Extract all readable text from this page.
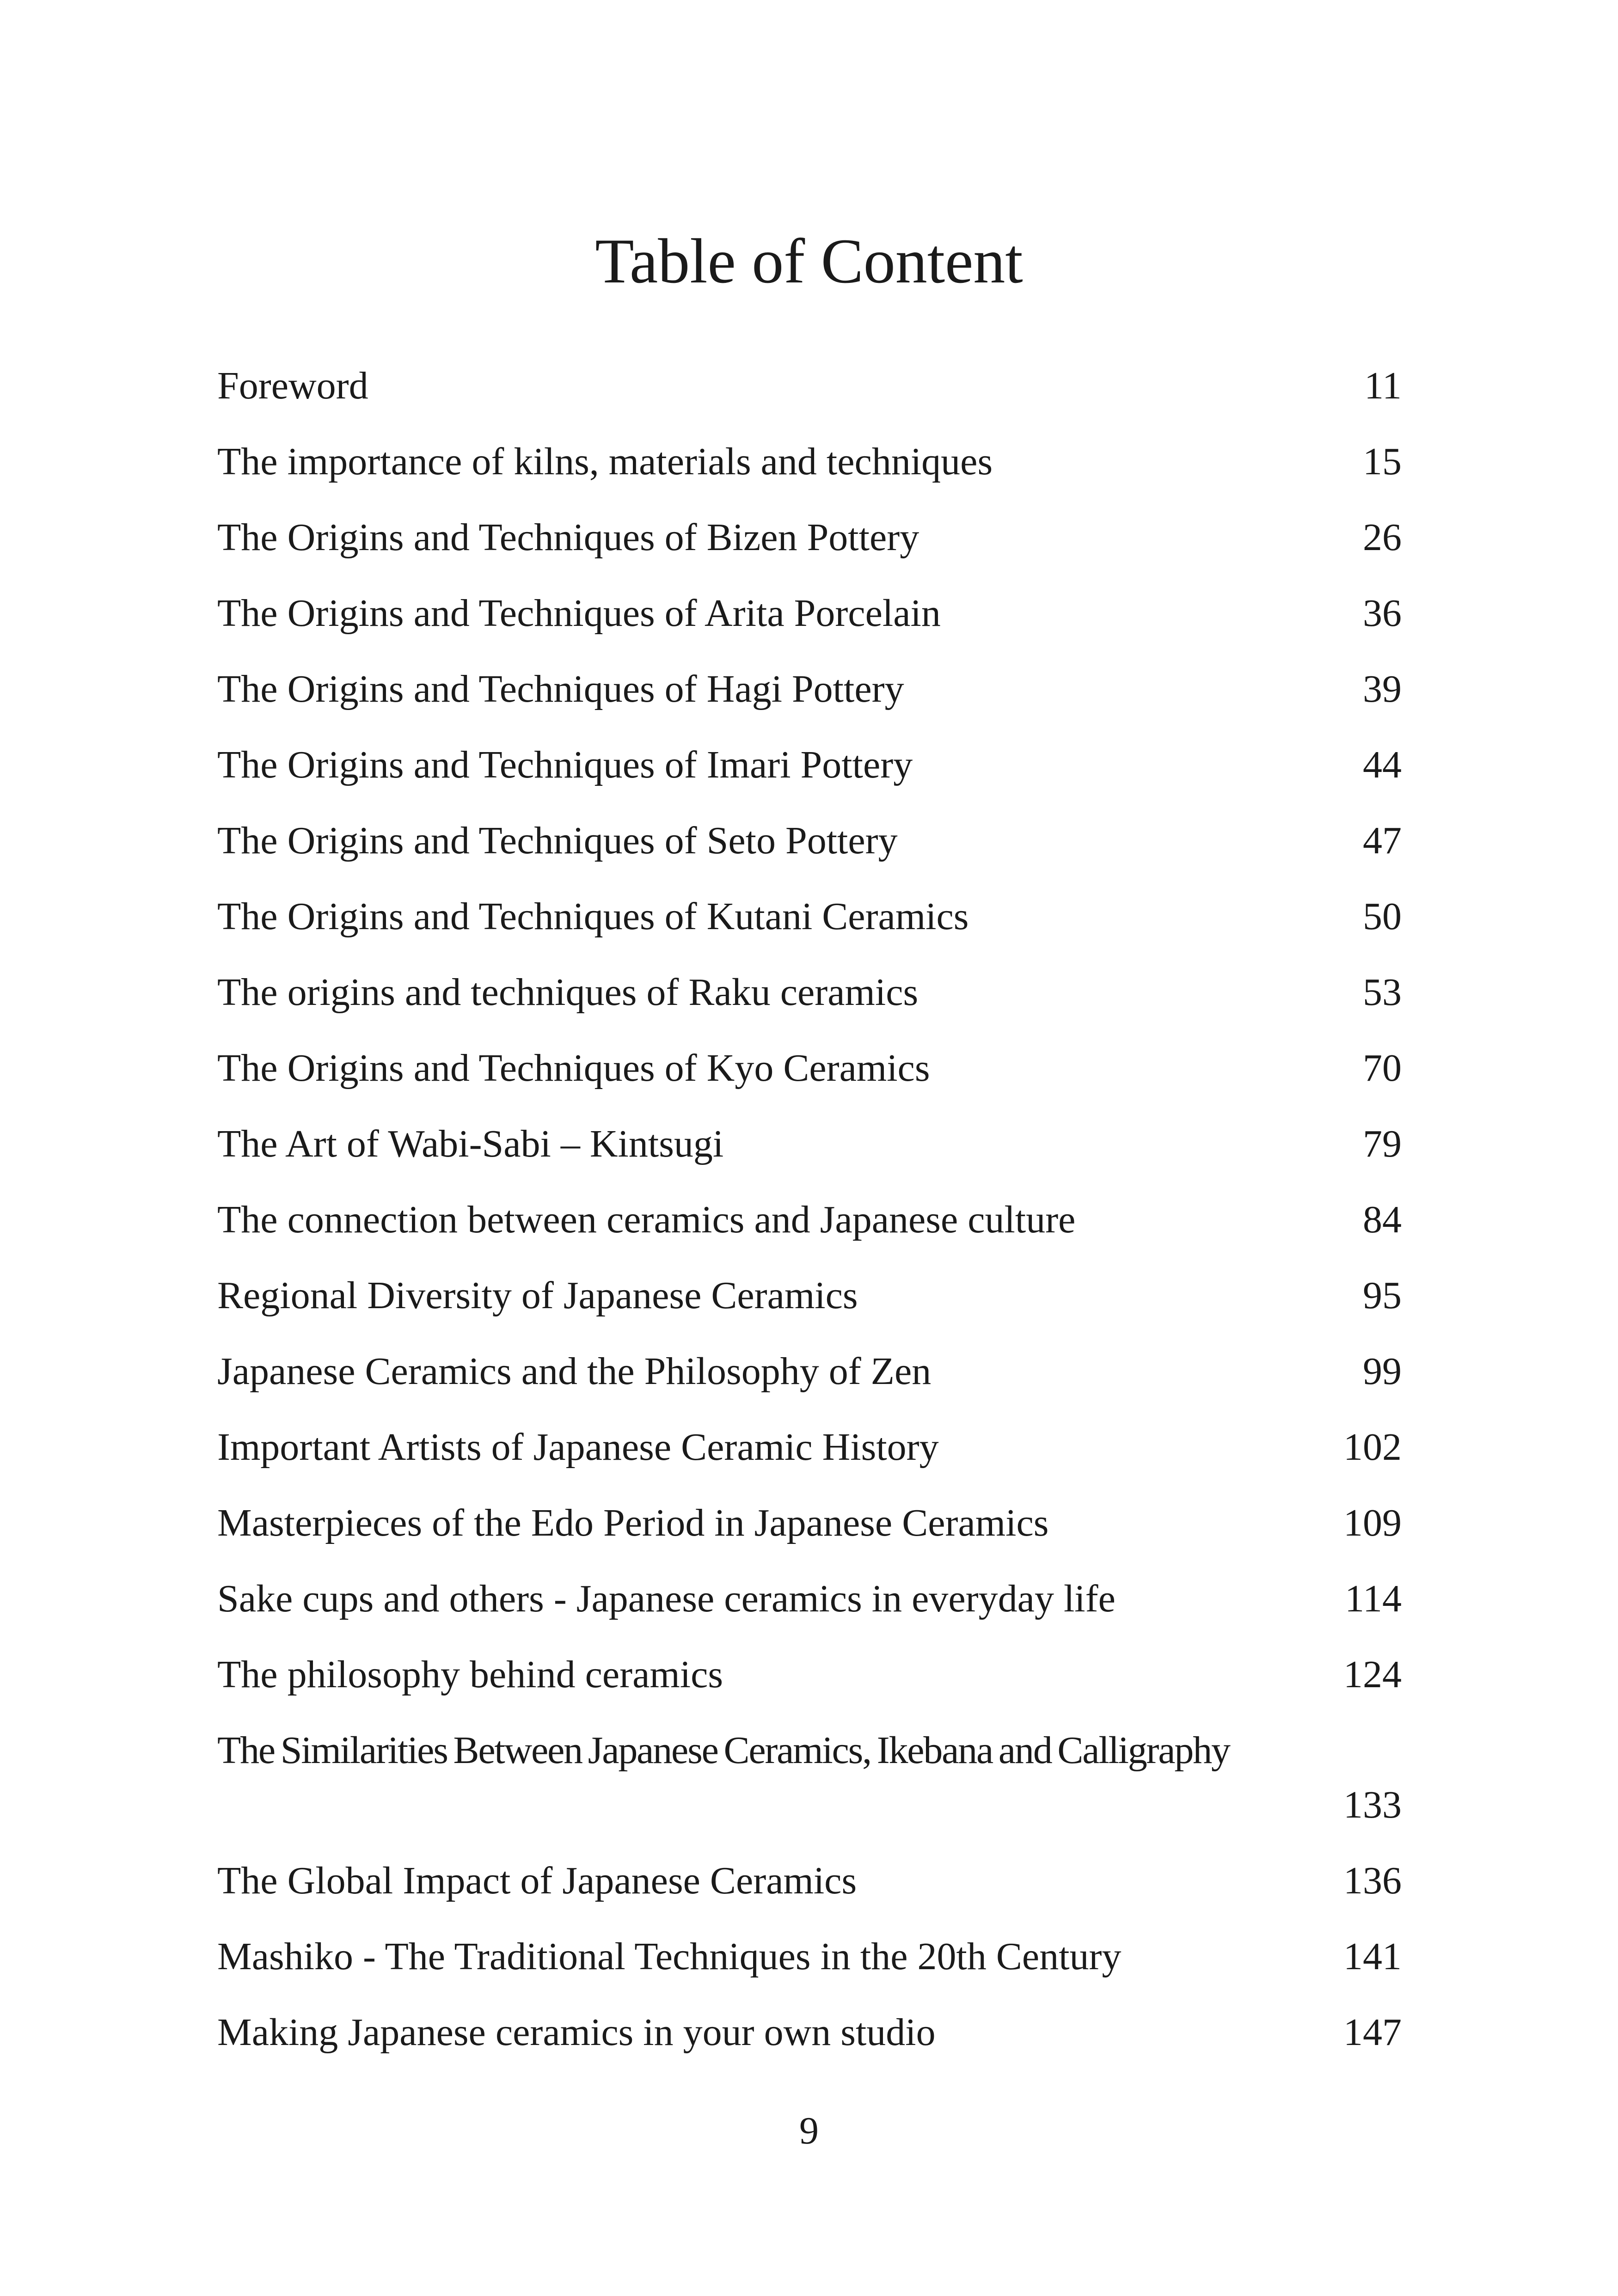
Table of Content
Foreword	11
The importance of kilns, materials and techniques	15
The Origins and Techniques of Bizen Pottery	26
The Origins and Techniques of Arita Porcelain	36
The Origins and Techniques of Hagi Pottery	39
The Origins and Techniques of Imari Pottery	44
The Origins and Techniques of Seto Pottery	47
The Origins and Techniques of Kutani Ceramics	50
The origins and techniques of Raku ceramics	53
The Origins and Techniques of Kyo Ceramics	70
The Art of Wabi-Sabi – Kintsugi	79
The connection between ceramics and Japanese culture	84
Regional Diversity of Japanese Ceramics	95
Japanese Ceramics and the Philosophy of Zen	99
Important Artists of Japanese Ceramic History	102
Masterpieces of the Edo Period in Japanese Ceramics	109
Sake cups and others - Japanese ceramics in everyday life	114
The philosophy behind ceramics	124
The Similarities Between Japanese Ceramics, Ikebana and Calligraphy
133
The Global Impact of Japanese Ceramics	136
Mashiko - The Traditional Techniques in the 20th Century	141
Making Japanese ceramics in your own studio	147
9
